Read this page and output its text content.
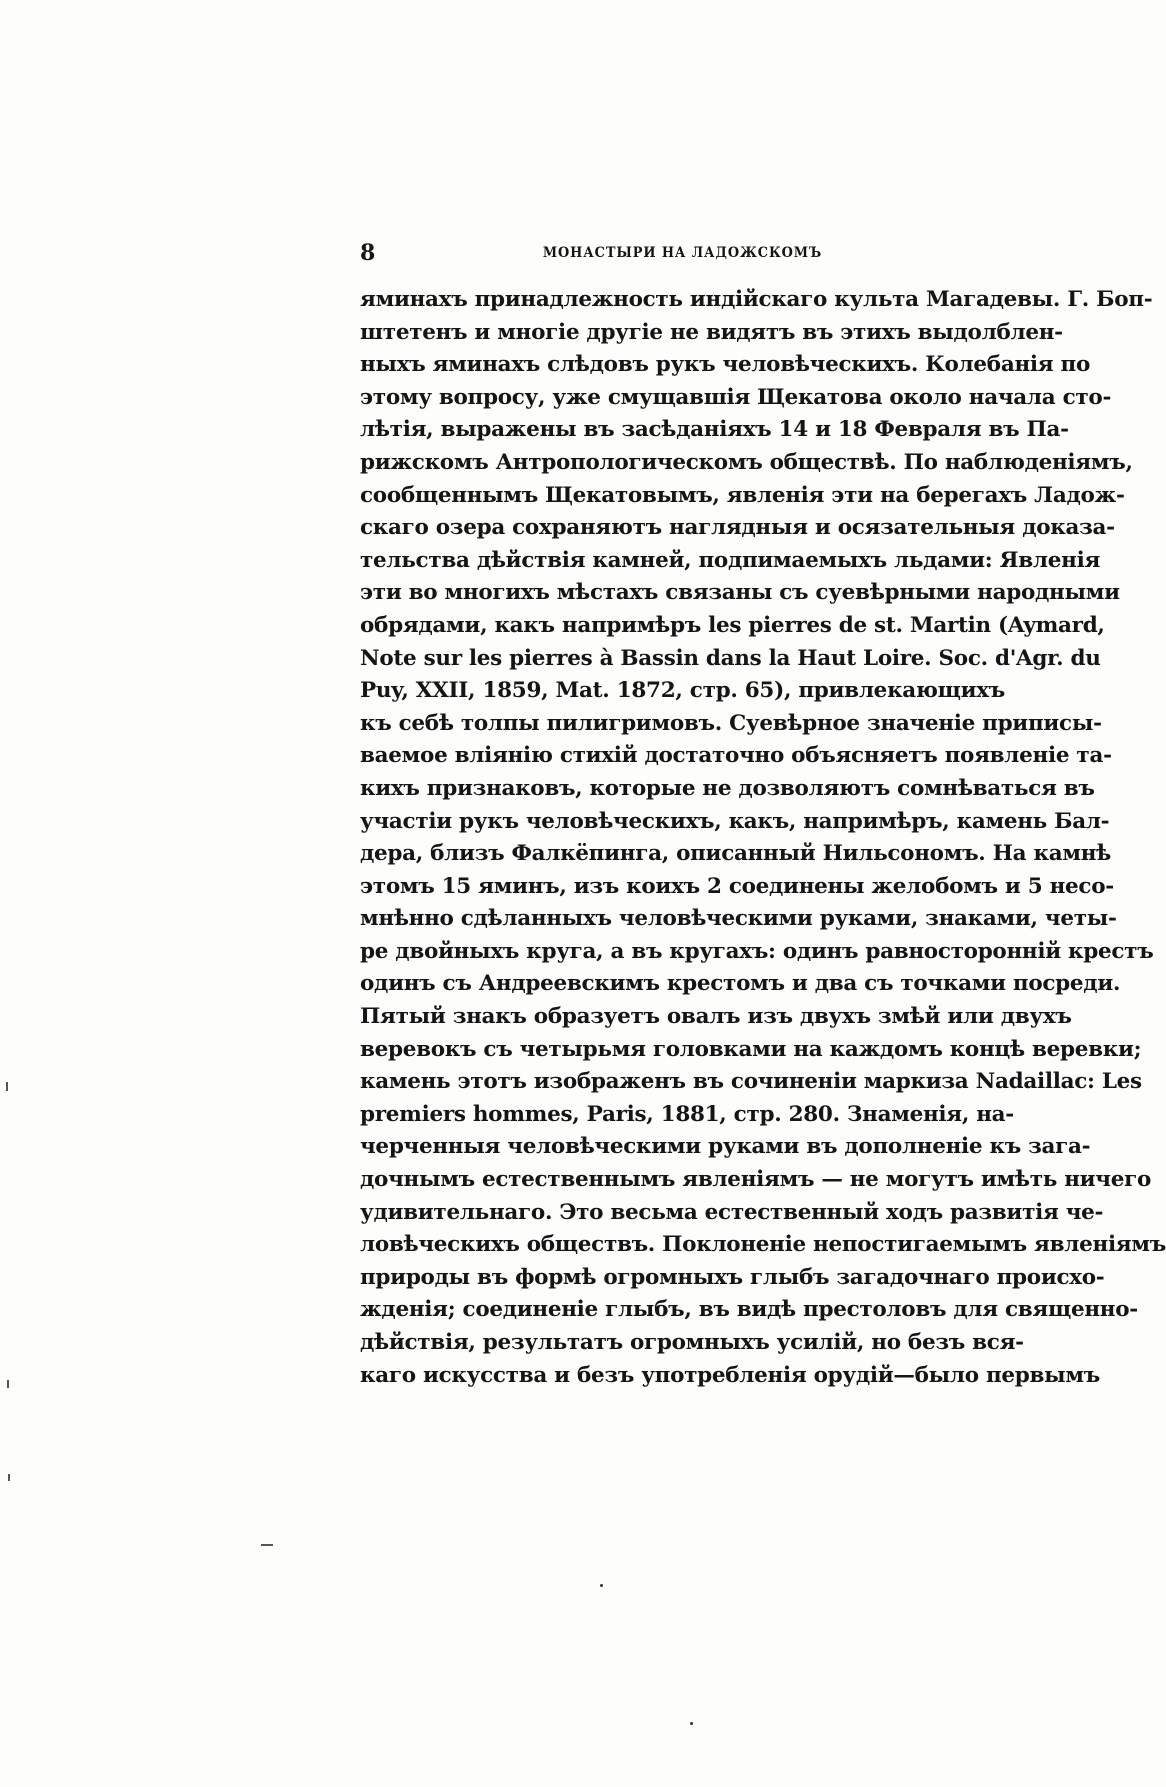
8	МОНАСТЫРИ НА ЛАДОЖСКОМЪ
яминахъ принадлежность индійскаго культа Магадевы. Г. Боп-
штетенъ и многіе другіе не видятъ въ этихъ выдолблен-
ныхъ яминахъ слѣдовъ рукъ человѣческихъ. Колебанія по
этому вопросу, уже смущавшія Щекатова около начала сто-
лѣтія, выражены въ засѣданіяхъ 14 и 18 Февраля въ Па-
рижскомъ Антропологическомъ обществѣ. По наблюденіямъ,
сообщеннымъ Щекатовымъ, явленія эти на берегахъ Ладож-
скаго озера сохраняютъ наглядныя и осязательныя доказа-
тельства дѣйствія камней, подпимаемыхъ льдами: Явленія
эти во многихъ мѣстахъ связаны съ суевѣрными народными
обрядами, какъ напримѣръ les pierres de st. Martin (Aymard,
Note sur les pierres à Bassin dans la Haut Loire. Soc. d'Agr. du
Puy, XXII, 1859, Mat. 1872, стр. 65), привлекающихъ
къ себѣ толпы пилигримовъ. Суевѣрное значеніе приписы-
ваемое вліянію стихій достаточно объясняетъ появленіе та-
кихъ признаковъ, которые не дозволяютъ сомнѣваться въ
участіи рукъ человѣческихъ, какъ, напримѣръ, камень Бал-
дера, близъ Фалкёпинга, описанный Нильсономъ. На камнѣ
этомъ 15 яминъ, изъ коихъ 2 соединены желобомъ и 5 несо-
мнѣнно сдѣланныхъ человѣческими руками, знаками, четы-
ре двойныхъ круга, а въ кругахъ: одинъ равносторонній крестъ
одинъ съ Андреевскимъ крестомъ и два съ точками посреди.
Пятый знакъ образуетъ овалъ изъ двухъ змѣй или двухъ
веревокъ съ четырьмя головками на каждомъ концѣ веревки;
камень этотъ изображенъ въ сочиненіи маркиза Nadaillac: Les
premiers hommes, Paris, 1881, стр. 280. Знаменія, на-
черченныя человѣческими руками въ дополненіе къ зага-
дочнымъ естественнымъ явленіямъ — не могутъ имѣть ничего
удивительнаго. Это весьма естественный ходъ развитія че-
ловѣческихъ обществъ. Поклоненіе непостигаемымъ явленіямъ
природы въ формѣ огромныхъ глыбъ загадочнаго происхо-
жденія; соединеніе глыбъ, въ видѣ престоловъ для священно-
дѣйствія, результатъ огромныхъ усилій, но безъ вся-
каго искусства и безъ употребленія орудій—было первымъ
